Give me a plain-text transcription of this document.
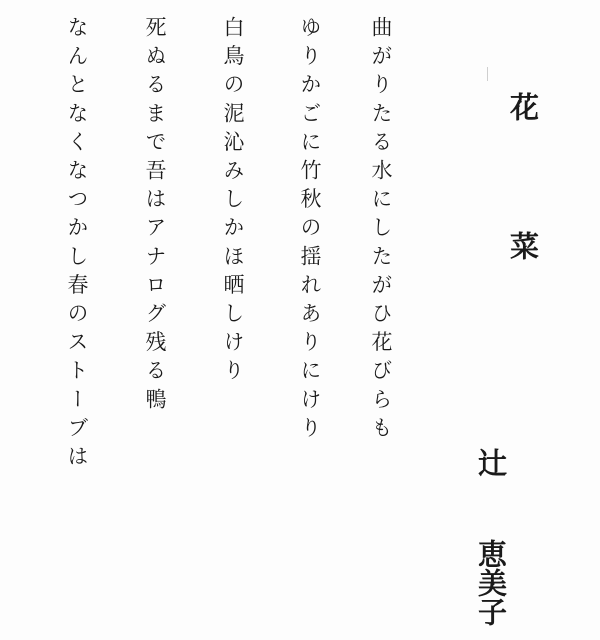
花菜
辻恵美子

曲がりたる水にしたがひ花びらも

ゆりかごに竹秋の揺れありにけり

白鳥の泥沁みしかほ晒しけり

死ぬるまで吾はアナログ残る鴨

なんとなくなつかし春のストーブは
